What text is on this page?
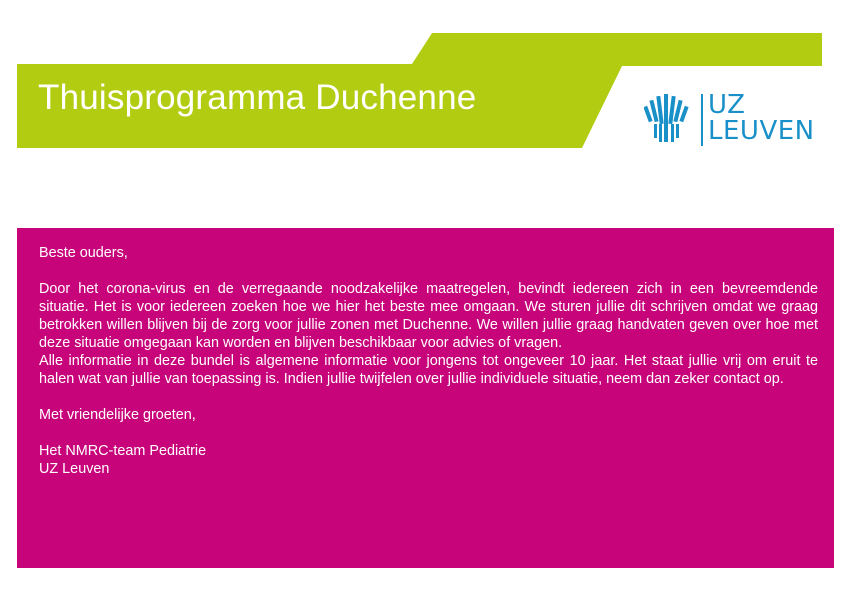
Thuisprogramma Duchenne	UZ
LEUVEN

Beste ouders,

Door het corona-virus en de verregaande noodzakelijke maatregelen, bevindt iedereen zich in een bevreemdende situatie. Het is voor iedereen zoeken hoe we hier het beste mee omgaan. We sturen jullie dit schrijven omdat we graag betrokken willen blijven bij de zorg voor jullie zonen met Duchenne. We willen jullie graag handvaten geven over hoe met deze situatie omgegaan kan worden en blijven beschikbaar voor advies of vragen.

Alle informatie in deze bundel is algemene informatie voor jongens tot ongeveer 10 jaar. Het staat jullie vrij om eruit te halen wat van jullie van toepassing is. Indien jullie twijfelen over jullie individuele situatie, neem dan zeker contact op.

Met vriendelijke groeten,

Het NMRC-team Pediatrie

UZ Leuven
